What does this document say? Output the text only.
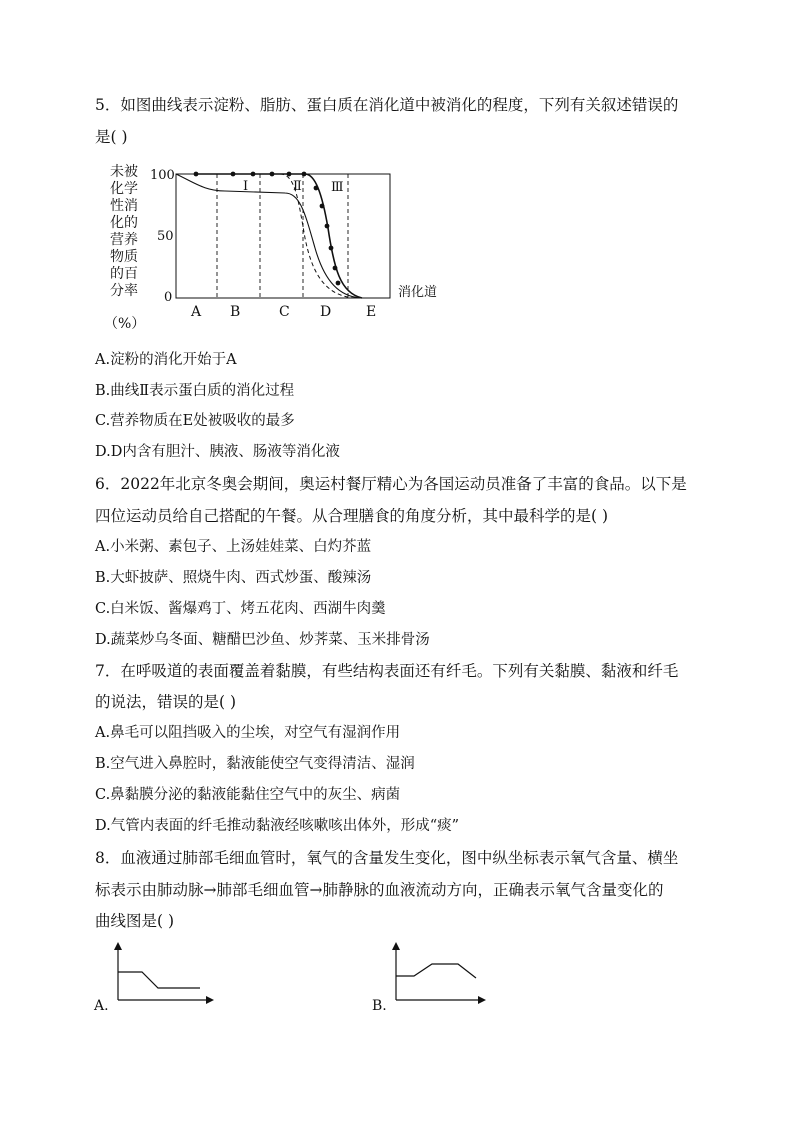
5．如图曲线表示淀粉、脂肪、蛋白质在消化道中被消化的程度，下列有关叙述错误的
是( )
未被
化学
性消
化的
营养
物质
的百
分率
（%）
100
50
0
Ⅰ	Ⅱ Ⅲ
消化道
A B	C D E
A.淀粉的消化开始于A
B.曲线Ⅱ表示蛋白质的消化过程
C.营养物质在E处被吸收的最多
D.D内含有胆汁、胰液、肠液等消化液
6．2022年北京冬奥会期间，奥运村餐厅精心为各国运动员准备了丰富的食品。以下是
四位运动员给自己搭配的午餐。从合理膳食的角度分析，其中最科学的是( )
A.小米粥、素包子、上汤娃娃菜、白灼芥蓝
B.大虾披萨、照烧牛肉、西式炒蛋、酸辣汤
C.白米饭、酱爆鸡丁、烤五花肉、西湖牛肉羹
D.蔬菜炒乌冬面、糖醋巴沙鱼、炒荠菜、玉米排骨汤
7．在呼吸道的表面覆盖着黏膜，有些结构表面还有纤毛。下列有关黏膜、黏液和纤毛
的说法，错误的是( )
A.鼻毛可以阻挡吸入的尘埃，对空气有湿润作用
B.空气进入鼻腔时，黏液能使空气变得清洁、湿润
C.鼻黏膜分泌的黏液能黏住空气中的灰尘、病菌
D.气管内表面的纤毛推动黏液经咳嗽咳出体外，形成“痰”
8．血液通过肺部毛细血管时，氧气的含量发生变化，图中纵坐标表示氧气含量、横坐
标表示由肺动脉→肺部毛细血管→肺静脉的血液流动方向，正确表示氧气含量变化的
曲线图是( )
A.	B.
